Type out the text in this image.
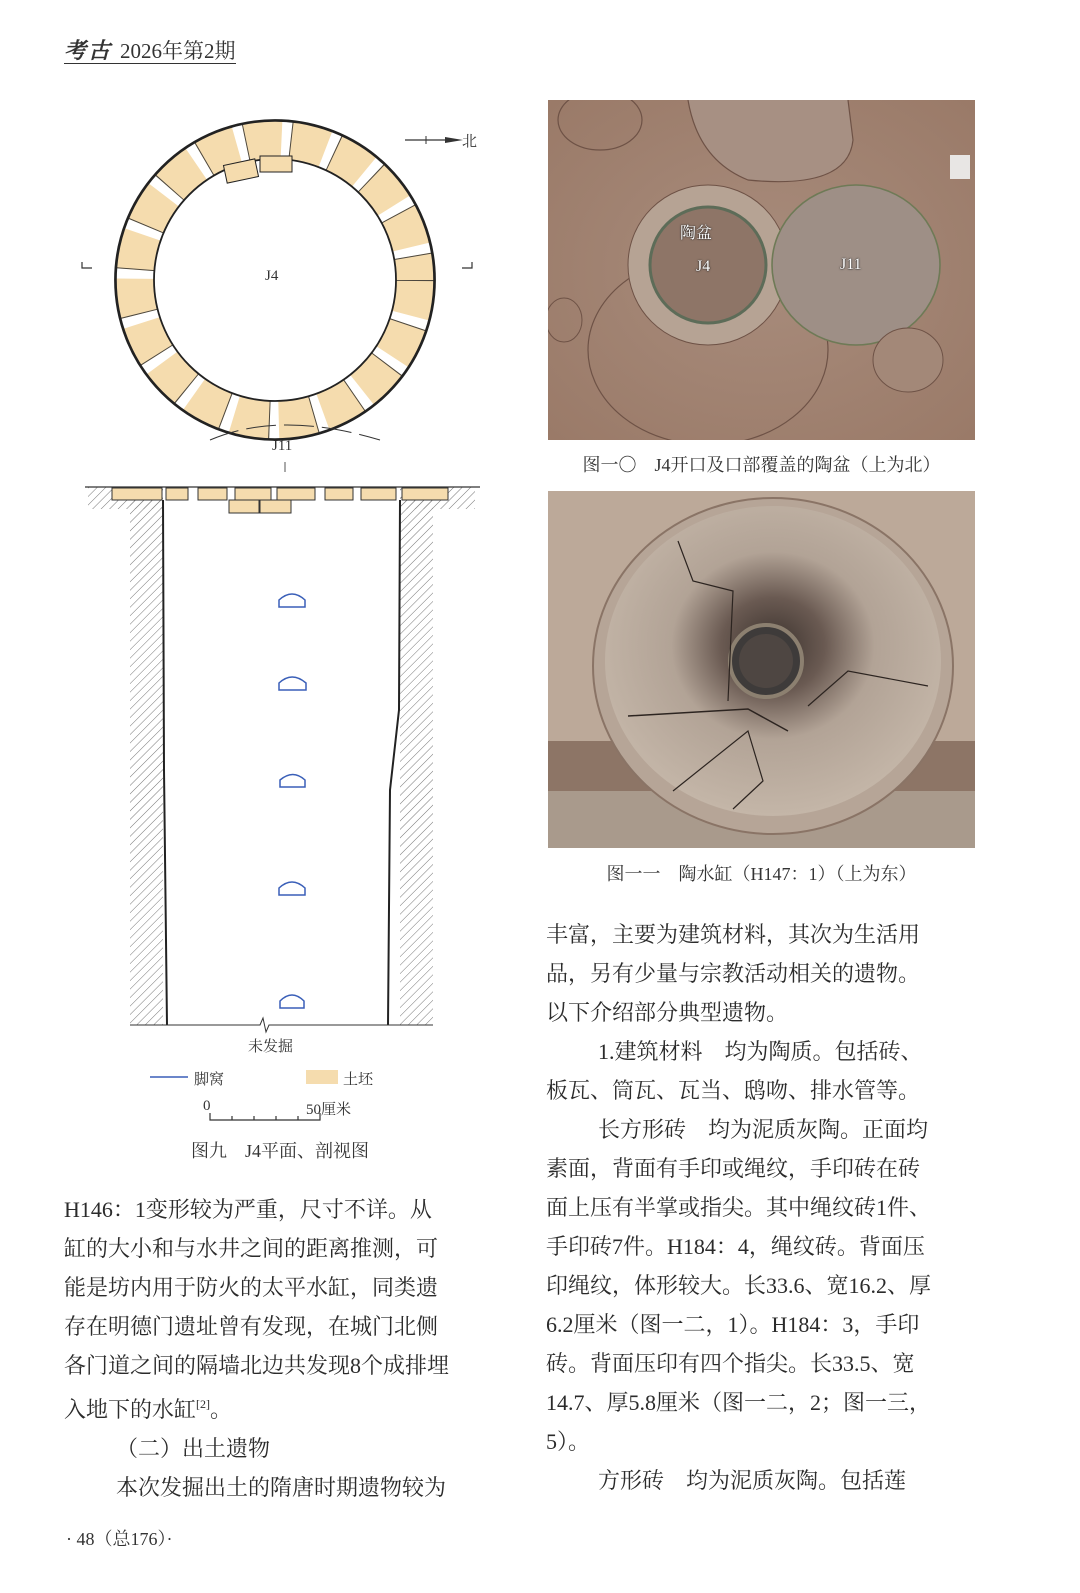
考古 2026年第2期
北
J4
J11
未发掘
脚窝	土坯
0	50厘米
图九　J4平面、剖视图
陶盆
J4	J11
图一〇　J4开口及口部覆盖的陶盆（上为北）
图一一　陶水缸（H147：1）（上为东）

H146：1变形较为严重，尺寸不详。从

缸的大小和与水井之间的距离推测，可

能是坊内用于防火的太平水缸，同类遗

存在明德门遗址曾有发现，在城门北侧

各门道之间的隔墙北边共发现8个成排埋

入地下的水缸[2]。

（二）出土遗物

本次发掘出土的隋唐时期遗物较为

丰富，主要为建筑材料，其次为生活用

品，另有少量与宗教活动相关的遗物。

以下介绍部分典型遗物。

1.建筑材料　均为陶质。包括砖、

板瓦、筒瓦、瓦当、鸱吻、排水管等。

长方形砖　均为泥质灰陶。正面均

素面，背面有手印或绳纹，手印砖在砖

面上压有半掌或指尖。其中绳纹砖1件、

手印砖7件。H184：4，绳纹砖。背面压

印绳纹，体形较大。长33.6、宽16.2、厚

6.2厘米（图一二，1）。H184：3，手印

砖。背面压印有四个指尖。长33.5、宽

14.7、厚5.8厘米（图一二，2；图一三，

5）。

方形砖　均为泥质灰陶。包括莲

· 48（总176）·
